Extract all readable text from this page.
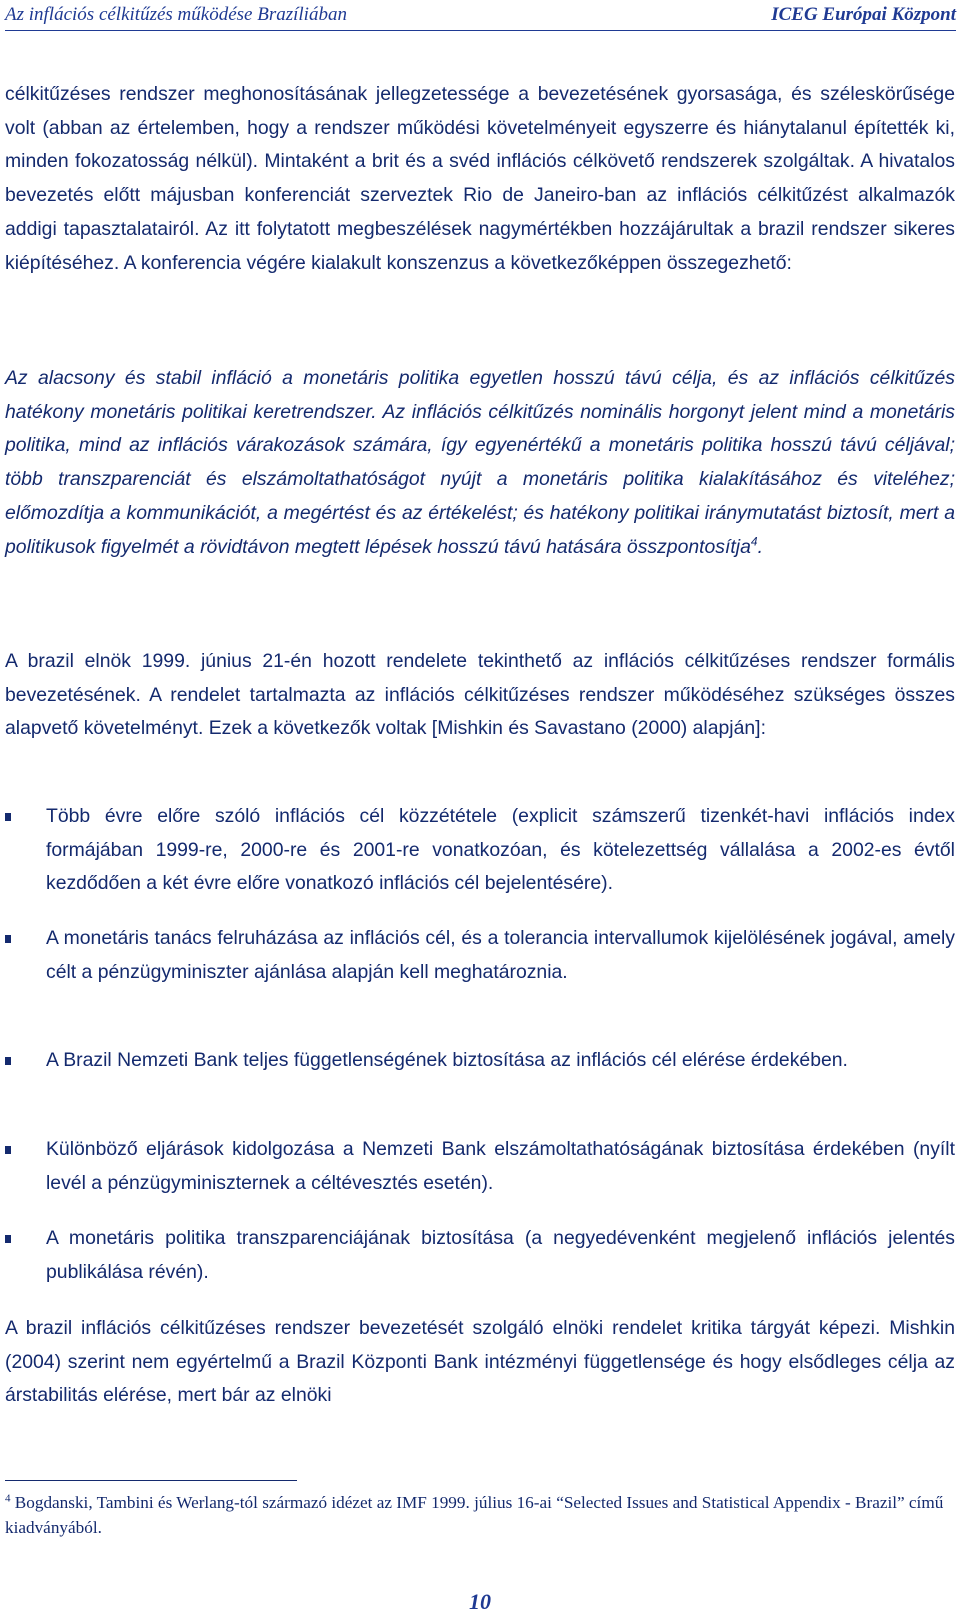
Az inflációs célkitűzés működése Brazíliában	ICEG Európai Központ

célkitűzéses rendszer meghonosításának jellegzetessége a bevezetésének gyorsasága, és széleskörűsége volt (abban az értelemben, hogy a rendszer működési követelményeit egyszerre és hiánytalanul építették ki, minden fokozatosság nélkül). Mintaként a brit és a svéd inflációs célkövető rendszerek szolgáltak. A hivatalos bevezetés előtt májusban konferenciát szerveztek Rio de Janeiro-ban az inflációs célkitűzést alkalmazók addigi tapasztalatairól. Az itt folytatott megbeszélések nagymértékben hozzájárultak a brazil rendszer sikeres kiépítéséhez. A konferencia végére kialakult konszenzus a következőképpen összegezhető:

Az alacsony és stabil infláció a monetáris politika egyetlen hosszú távú célja, és az inflációs célkitűzés hatékony monetáris politikai keretrendszer. Az inflációs célkitűzés nominális horgonyt jelent mind a monetáris politika, mind az inflációs várakozások számára, így egyenértékű a monetáris politika hosszú távú céljával; több transzparenciát és elszámoltathatóságot nyújt a monetáris politika kialakításához és viteléhez; előmozdítja a kommunikációt, a megértést és az értékelést; és hatékony politikai iránymutatást biztosít, mert a politikusok figyelmét a rövidtávon megtett lépések hosszú távú hatására összpontosítja$^4$.

A brazil elnök 1999. június 21-én hozott rendelete tekinthető az inflációs célkitűzéses rendszer formális bevezetésének. A rendelet tartalmazta az inflációs célkitűzéses rendszer működéséhez szükséges összes alapvető követelményt. Ezek a következők voltak [Mishkin és Savastano (2000) alapján]:

Több évre előre szóló inflációs cél közzététele (explicit számszerű tizenkét-havi inflációs index formájában 1999-re, 2000-re és 2001-re vonatkozóan, és kötelezettség vállalása a 2002-es évtől kezdődően a két évre előre vonatkozó inflációs cél bejelentésére).

A monetáris tanács felruházása az inflációs cél, és a tolerancia intervallumok kijelölésének jogával, amely célt a pénzügyminiszter ajánlása alapján kell meghatároznia.

A Brazil Nemzeti Bank teljes függetlenségének biztosítása az inflációs cél elérése érdekében.

Különböző eljárások kidolgozása a Nemzeti Bank elszámoltathatóságának biztosítása érdekében (nyílt levél a pénzügyminiszternek a céltévesztés esetén).

A monetáris politika transzparenciájának biztosítása (a negyedévenként megjelenő inflációs jelentés publikálása révén).

A brazil inflációs célkitűzéses rendszer bevezetését szolgáló elnöki rendelet kritika tárgyát képezi. Mishkin (2004) szerint nem egyértelmű a Brazil Központi Bank intézményi függetlensége és hogy elsődleges célja az árstabilitás elérése, mert bár az elnöki

$^4$ Bogdanski, Tambini és Werlang-tól származó idézet az IMF 1999. július 16-ai “Selected Issues and Statistical Appendix - Brazil” című kiadványából.

10
